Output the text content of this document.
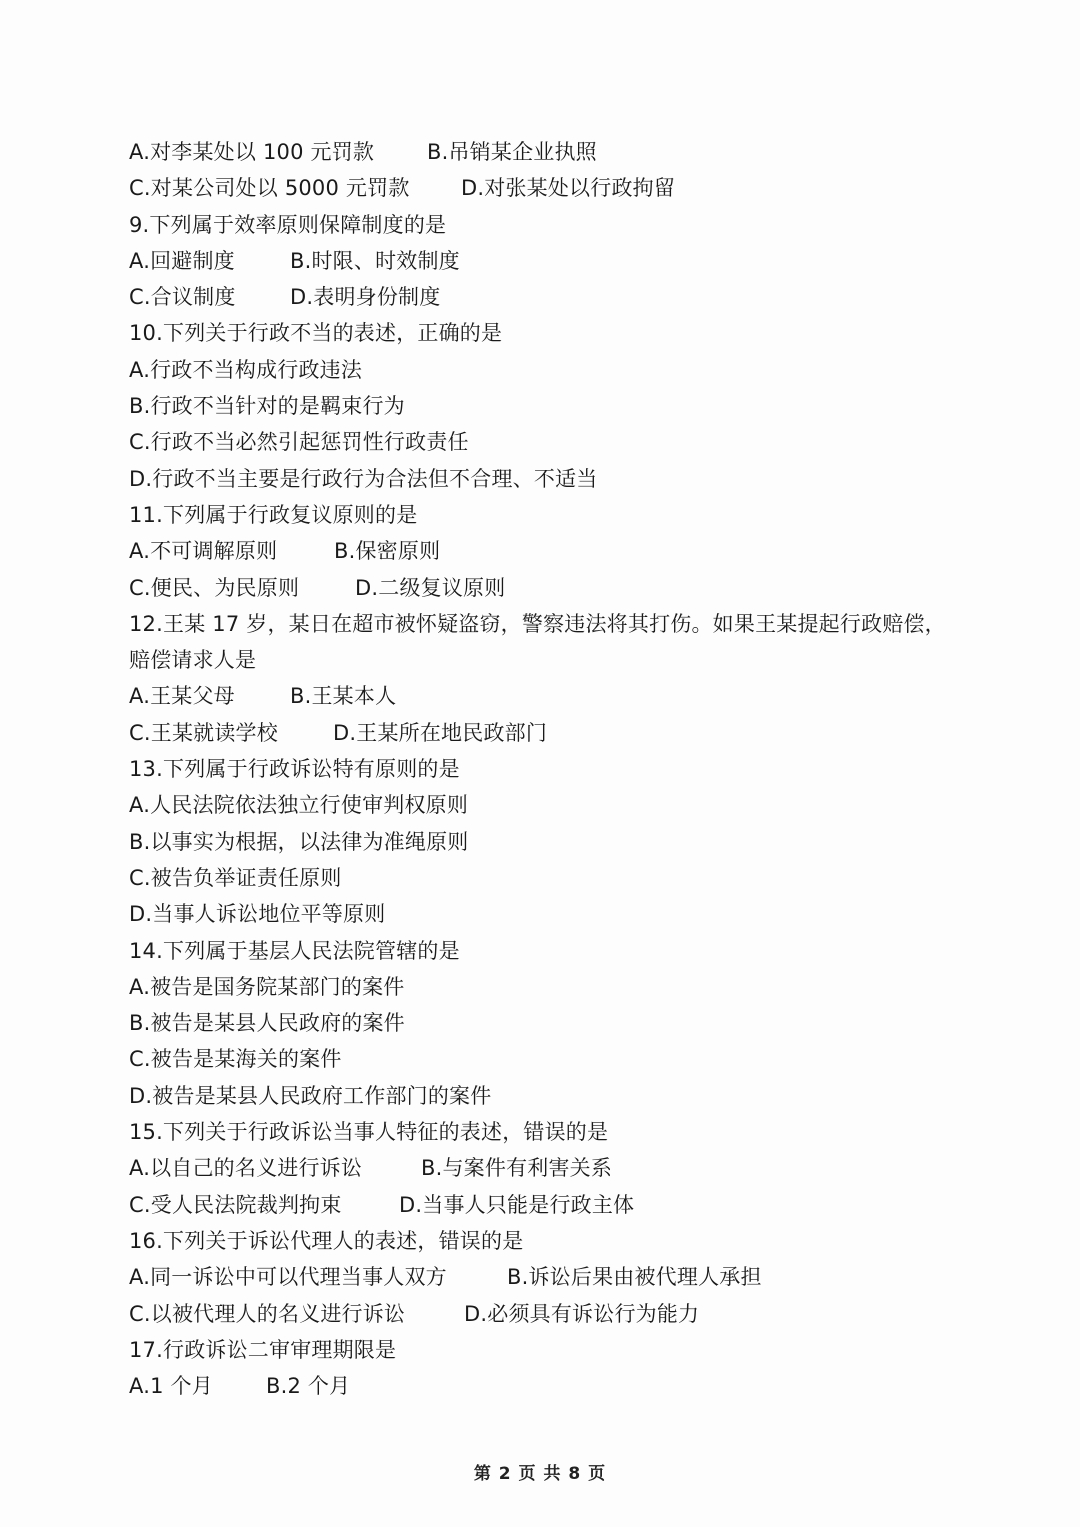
A.对李某处以 100 元罚款	B.吊销某企业执照
C.对某公司处以 5000 元罚款 D.对张某处以行政拘留
9.下列属于效率原则保障制度的是
A.回避制度	B.时限、时效制度
C.合议制度	D.表明身份制度
10.下列关于行政不当的表述，正确的是
A.行政不当构成行政违法
B.行政不当针对的是羁束行为
C.行政不当必然引起惩罚性行政责任
D.行政不当主要是行政行为合法但不合理、不适当
11.下列属于行政复议原则的是
A.不可调解原则	B.保密原则
C.便民、为民原则	D.二级复议原则
12.王某 17 岁，某日在超市被怀疑盗窃，警察违法将其打伤。如果王某提起行政赔偿，
赔偿请求人是
A.王某父母	B.王某本人
C.王某就读学校	D.王某所在地民政部门
13.下列属于行政诉讼特有原则的是
A.人民法院依法独立行使审判权原则
B.以事实为根据，以法律为准绳原则
C.被告负举证责任原则
D.当事人诉讼地位平等原则
14.下列属于基层人民法院管辖的是
A.被告是国务院某部门的案件
B.被告是某县人民政府的案件
C.被告是某海关的案件
D.被告是某县人民政府工作部门的案件
15.下列关于行政诉讼当事人特征的表述，错误的是
A.以自己的名义进行诉讼	B.与案件有利害关系
C.受人民法院裁判拘束	D.当事人只能是行政主体
16.下列关于诉讼代理人的表述，错误的是
A.同一诉讼中可以代理当事人双方	B.诉讼后果由被代理人承担
C.以被代理人的名义进行诉讼	D.必须具有诉讼行为能力
17.行政诉讼二审审理期限是
A.1 个月	B.2 个月
第 2 页 共 8 页
